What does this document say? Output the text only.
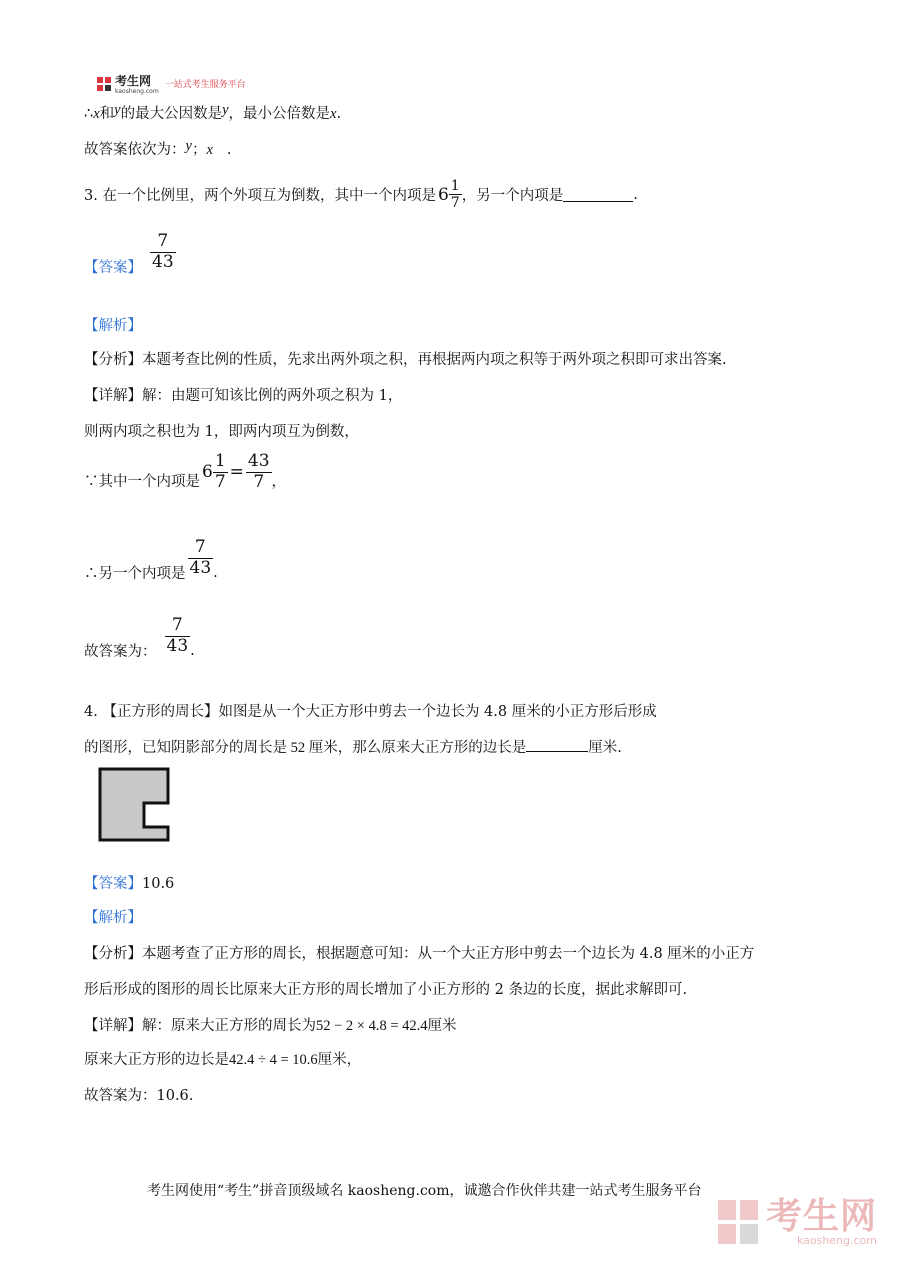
考生网
kaosheng.com
一站式考生服务平台
∴x和y的最大公因数是y，最小公倍数是x.
故答案依次为：y；x .
3. 在一个比例里，两个外项互为倒数，其中一个内项是 $6 \frac{1}{7}$ ，另一个内项是	.
【答案】 $\frac{7}{43}$
【解析】
【分析】本题考查比例的性质，先求出两外项之积，再根据两内项之积等于两外项之积即可求出答案.
【详解】解：由题可知该比例的两外项之积为 1，
则两内项之积也为 1，即两内项互为倒数，
∵其中一个内项是 $6 \frac{1}{7} = \frac{43}{7}$ ，
∴另一个内项是 $\frac{7}{43}$ .
故答案为： $\frac{7}{43}$ .
4. 【正方形的周长】如图是从一个大正方形中剪去一个边长为 4.8 厘米的小正方形后形成
的图形，已知阴影部分的周长是 52 厘米，那么原来大正方形的边长是	厘米.
【答案】10.6
【解析】
【分析】本题考查了正方形的周长，根据题意可知：从一个大正方形中剪去一个边长为 4.8 厘米的小正方
形后形成的图形的周长比原来大正方形的周长增加了小正方形的 2 条边的长度，据此求解即可.
【详解】解：原来大正方形的周长为52 − 2 × 4.8 = 42.4厘米
原来大正方形的边长是42.4 ÷ 4 = 10.6厘米，
故答案为：10.6.
考生网使用“考生”拼音顶级域名 kaosheng.com，诚邀合作伙伴共建一站式考生服务平台
考生网
kaosheng.com
